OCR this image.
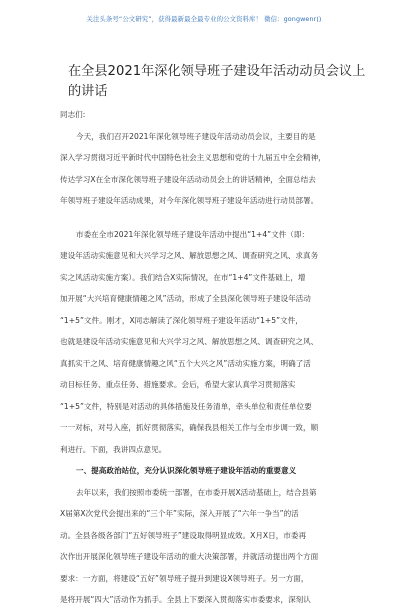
关注头条号“公文研究”，获得最新最全最专业的公文资料库！ 微信：gongwenr()
在全县2021年深化领导班子建设年活动动员会议上的讲话
同志们:
今天，我们召开2021年深化领导班子建设年活动动员会议，主要目的是
深入学习贯彻习近平新时代中国特色社会主义思想和党的十九届五中全会精神，
传达学习X在全市深化领导班子建设年活动动员会上的讲话精神，全面总结去
年领导班子建设年活动成果，对今年深化领导班子建设年活动进行动员部署。
市委在全市2021年深化领导班子建设年活动中提出“1+4”文件（即：
建设年活动实施意见和大兴学习之风、解放思想之风、调查研究之风、求真务
实之风活动实施方案）。我们结合X实际情况，在市“1+4”文件基础上，增
加开展“大兴培育健康情趣之风”活动，形成了全县深化领导班子建设年活动
“1+5”文件。刚才，X同志解读了深化领导班子建设年活动“1+5”文件，
也就是建设年活动实施意见和大兴学习之风、解放思想之风、调查研究之风、
真抓实干之风、培育健康情趣之风“五个大兴之风”活动实施方案，明确了活
动目标任务、重点任务、措施要求。会后，希望大家认真学习贯彻落实
“1+5”文件，特别是对活动的具体措施及任务清单，牵头单位和责任单位要
一一对标，对号入座，抓好贯彻落实，确保我县相关工作与全市步调一致，顺
利进行。下面，我讲四点意见。
一、提高政治站位，充分认识深化领导班子建设年活动的重要意义
去年以来，我们按照市委统一部署，在市委开展X活动基础上，结合县第
X届第X次党代会提出来的“三个年”实际，深入开展了“六年一争当”的活
动。全县各级各部门“五好领导班子”建设取得明显成效。X月X日，市委再
次作出开展深化领导班子建设年活动的重大决策部署，并就活动提出两个方面
要求：一方面，将建设“五好”领导班子提升到建设X领导班子。另一方面，
是将开展“四大”活动作为抓手。全县上下要深入贯彻落实市委要求，深刻认
